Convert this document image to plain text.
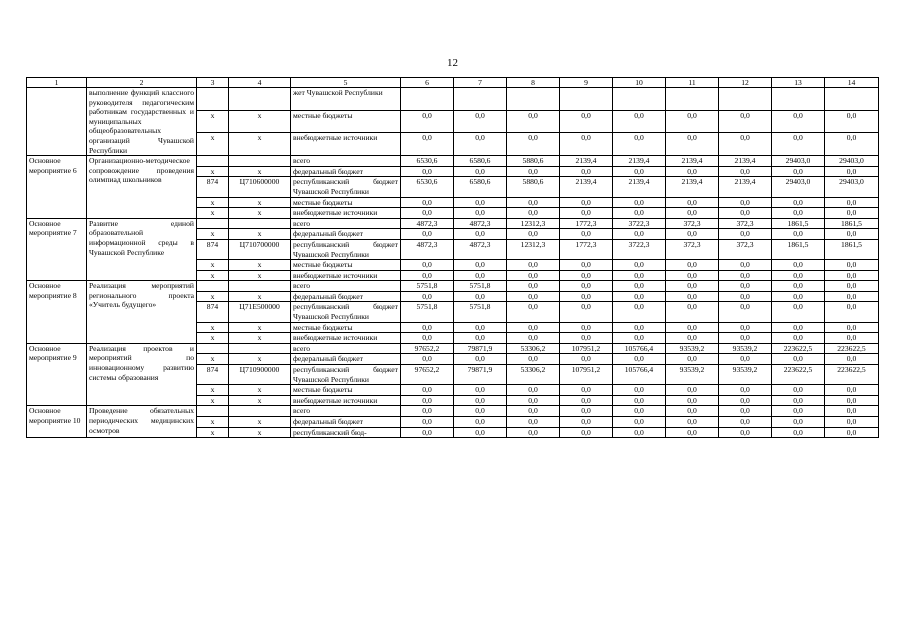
12
1	2	3	4	5	6	7	8	9	10	11	12	13	14
	выполнение функций классного руководителя педагогическим работникам государственных и муниципальных общеобразовательных организаций Чувашской Республики			жет Чувашской Республики									
		x	x	местные бюджеты	0,0	0,0	0,0	0,0	0,0	0,0	0,0	0,0	0,0
		x	x	внебюджетные источники	0,0	0,0	0,0	0,0	0,0	0,0	0,0	0,0	0,0
Основное мероприятие 6	Организационно-методическое сопровождение проведения олимпиад школьников			всего	6530,6	6580,6	5880,6	2139,4	2139,4	2139,4	2139,4	29403,0	29403,0
		x	x	федеральный бюджет	0,0	0,0	0,0	0,0	0,0	0,0	0,0	0,0	0,0
		874	Ц710600000	республиканский бюджет Чувашской Республики	6530,6	6580,6	5880,6	2139,4	2139,4	2139,4	2139,4	29403,0	29403,0
		x	x	местные бюджеты	0,0	0,0	0,0	0,0	0,0	0,0	0,0	0,0	0,0
		x	x	внебюджетные источники	0,0	0,0	0,0	0,0	0,0	0,0	0,0	0,0	0,0
Основное мероприятие 7	Развитие единой образовательной информационной среды в Чувашской Республике			всего	4872,3	4872,3	12312,3	1772,3	3722,3	372,3	372,3	1861,5	1861,5
		x	x	федеральный бюджет	0,0	0,0	0,0	0,0	0,0	0,0	0,0	0,0	0,0
		874	Ц710700000	республиканский бюджет Чувашской Республики	4872,3	4872,3	12312,3	1772,3	3722,3	372,3	372,3	1861,5	1861,5
		x	x	местные бюджеты	0,0	0,0	0,0	0,0	0,0	0,0	0,0	0,0	0,0
		x	x	внебюджетные источники	0,0	0,0	0,0	0,0	0,0	0,0	0,0	0,0	0,0
Основное мероприятие 8	Реализация мероприятий регионального проекта «Учитель будущего»			всего	5751,8	5751,8	0,0	0,0	0,0	0,0	0,0	0,0	0,0
		x	x	федеральный бюджет	0,0	0,0	0,0	0,0	0,0	0,0	0,0	0,0	0,0
		874	Ц71Е500000	республиканский бюджет Чувашской Республики	5751,8	5751,8	0,0	0,0	0,0	0,0	0,0	0,0	0,0
		x	x	местные бюджеты	0,0	0,0	0,0	0,0	0,0	0,0	0,0	0,0	0,0
		x	x	внебюджетные источники	0,0	0,0	0,0	0,0	0,0	0,0	0,0	0,0	0,0
Основное мероприятие 9	Реализация проектов и мероприятий по инновационному развитию системы образования			всего	97652,2	79871,9	53306,2	107951,2	105766,4	93539,2	93539,2	223622,5	223622,5
		x	x	федеральный бюджет	0,0	0,0	0,0	0,0	0,0	0,0	0,0	0,0	0,0
		874	Ц710900000	республиканский бюджет Чувашской Республики	97652,2	79871,9	53306,2	107951,2	105766,4	93539,2	93539,2	223622,5	223622,5
		x	x	местные бюджеты	0,0	0,0	0,0	0,0	0,0	0,0	0,0	0,0	0,0
		x	x	внебюджетные источники	0,0	0,0	0,0	0,0	0,0	0,0	0,0	0,0	0,0
Основное мероприятие 10	Проведение обязательных периодических медицинских осмотров			всего	0,0	0,0	0,0	0,0	0,0	0,0	0,0	0,0	0,0
		x	x	федеральный бюджет	0,0	0,0	0,0	0,0	0,0	0,0	0,0	0,0	0,0
		x	x	республиканский бюд-	0,0	0,0	0,0	0,0	0,0	0,0	0,0	0,0	0,0
